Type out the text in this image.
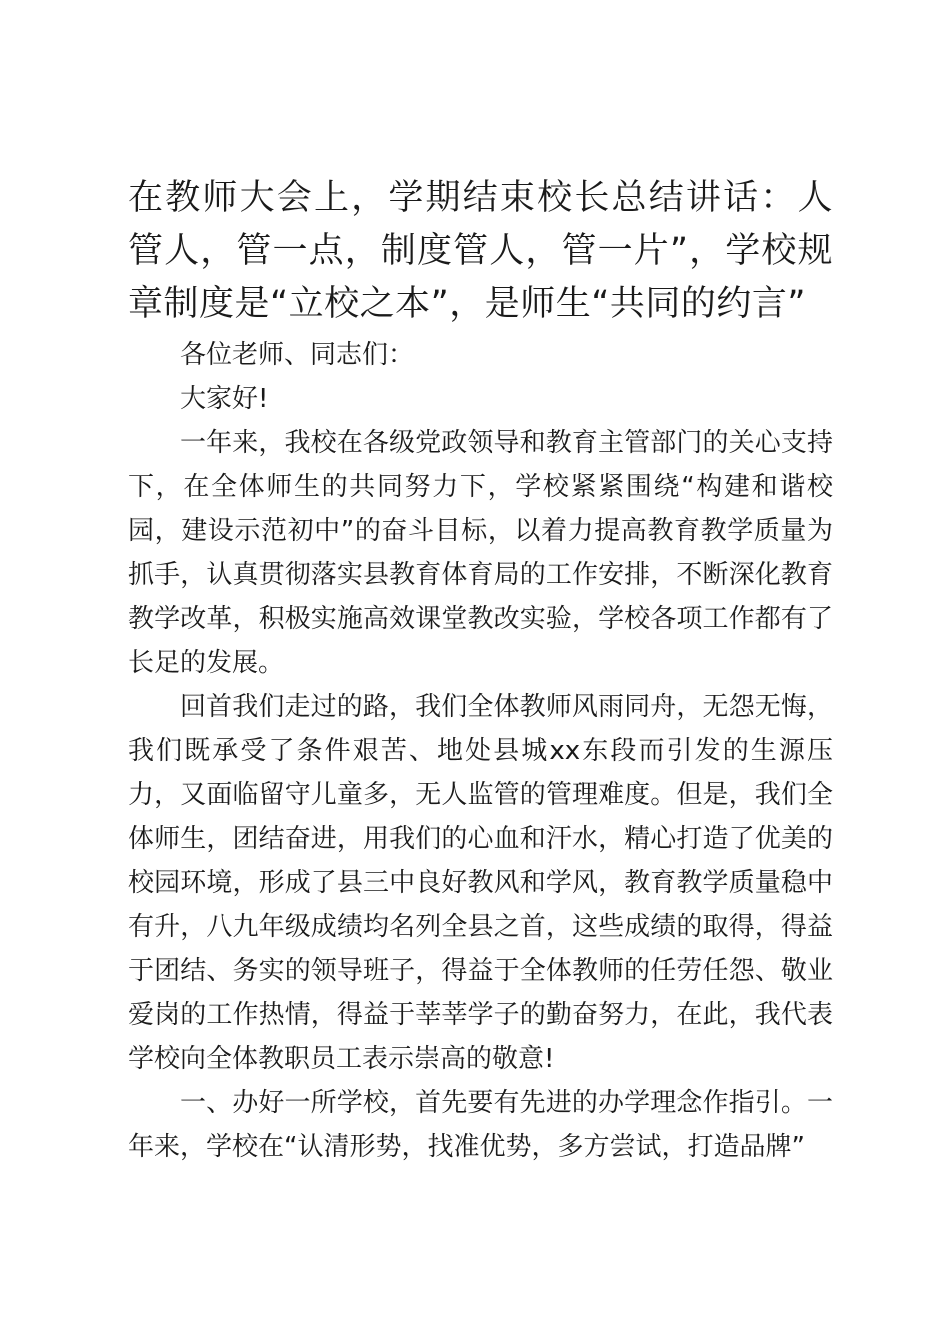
在教师大会上，学期结束校长总结讲话：人管人，管一点，制度管人，管一片”，学校规章制度是“立校之本”，是师生“共同的约言”

各位老师、同志们：

大家好!

一年来，我校在各级党政领导和教育主管部门的关心支持下，在全体师生的共同努力下，学校紧紧围绕“构建和谐校园，建设示范初中”的奋斗目标，以着力提高教育教学质量为抓手，认真贯彻落实县教育体育局的工作安排，不断深化教育教学改革，积极实施高效课堂教改实验，学校各项工作都有了长足的发展。

回首我们走过的路，我们全体教师风雨同舟，无怨无悔，我们既承受了条件艰苦、地处县城xx东段而引发的生源压力，又面临留守儿童多，无人监管的管理难度。但是，我们全体师生，团结奋进，用我们的心血和汗水，精心打造了优美的校园环境，形成了县三中良好教风和学风，教育教学质量稳中有升，八九年级成绩均名列全县之首，这些成绩的取得，得益于团结、务实的领导班子，得益于全体教师的任劳任怨、敬业爱岗的工作热情，得益于莘莘学子的勤奋努力，在此，我代表学校向全体教职员工表示崇高的敬意!

一、办好一所学校，首先要有先进的办学理念作指引。一年来，学校在“认清形势，找准优势，多方尝试，打造品牌”
